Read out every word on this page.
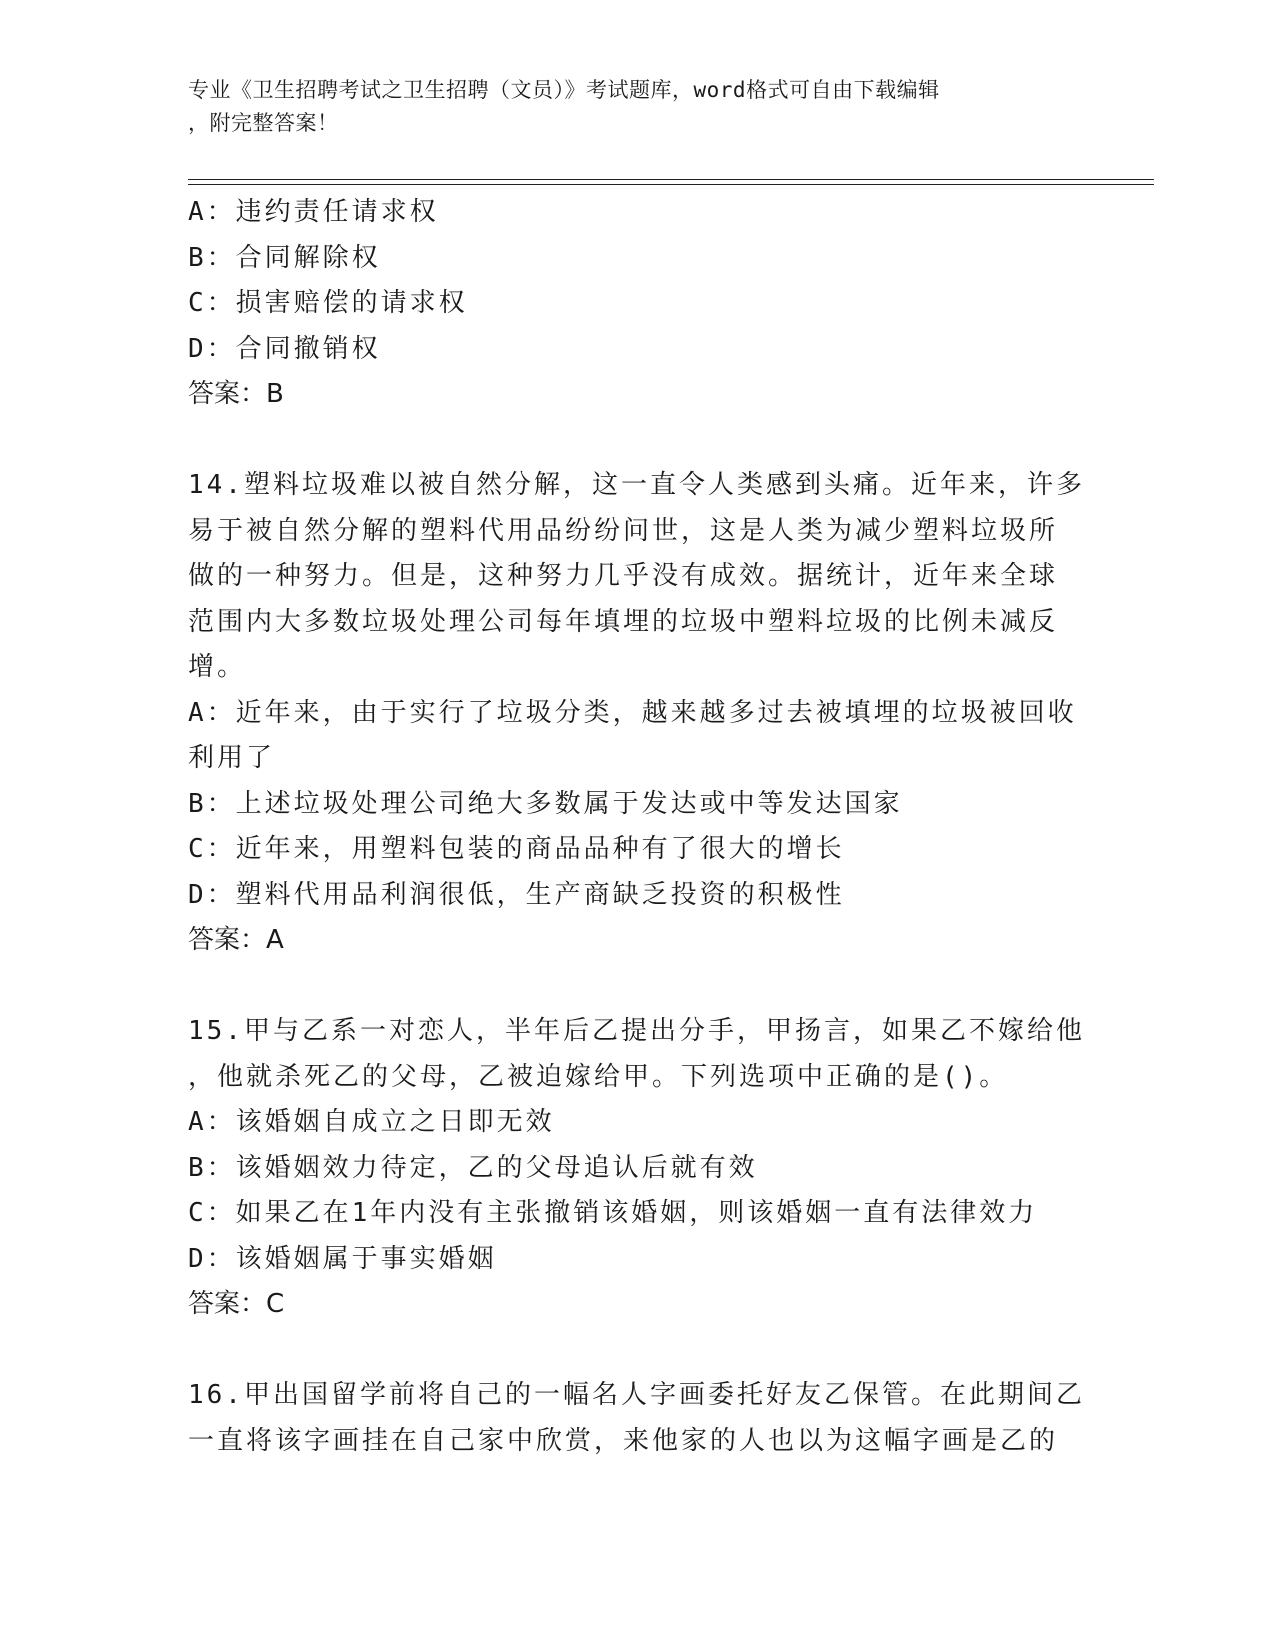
专业《卫生招聘考试之卫生招聘（文员）》考试题库，word格式可自由下载编辑
，附完整答案！
A：违约责任请求权
B：合同解除权
C：损害赔偿的请求权
D：合同撤销权
答案：B
14.塑料垃圾难以被自然分解，这一直令人类感到头痛。近年来，许多
易于被自然分解的塑料代用品纷纷问世，这是人类为减少塑料垃圾所
做的一种努力。但是，这种努力几乎没有成效。据统计，近年来全球
范围内大多数垃圾处理公司每年填埋的垃圾中塑料垃圾的比例未减反
增。
A：近年来，由于实行了垃圾分类，越来越多过去被填埋的垃圾被回收
利用了
B：上述垃圾处理公司绝大多数属于发达或中等发达国家
C：近年来，用塑料包装的商品品种有了很大的增长
D：塑料代用品利润很低，生产商缺乏投资的积极性
答案：A
15.甲与乙系一对恋人，半年后乙提出分手，甲扬言，如果乙不嫁给他
，他就杀死乙的父母，乙被迫嫁给甲。下列选项中正确的是()。
A：该婚姻自成立之日即无效
B：该婚姻效力待定，乙的父母追认后就有效
C：如果乙在1年内没有主张撤销该婚姻，则该婚姻一直有法律效力
D：该婚姻属于事实婚姻
答案：C
16.甲出国留学前将自己的一幅名人字画委托好友乙保管。在此期间乙
一直将该字画挂在自己家中欣赏，来他家的人也以为这幅字画是乙的
